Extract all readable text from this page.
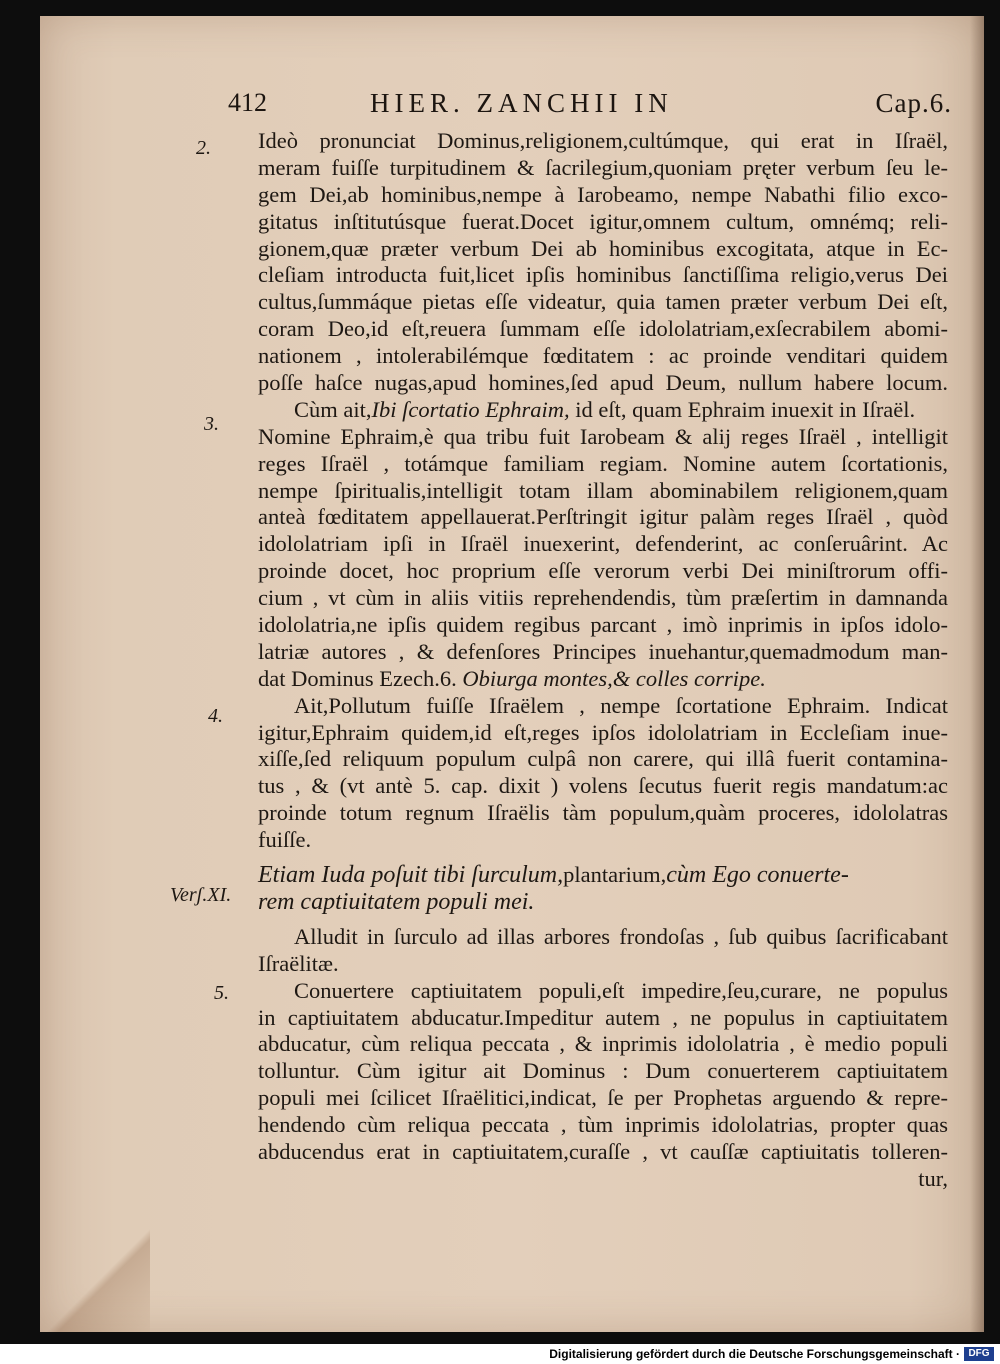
412	HIER. ZANCHII IN	Cap.6.
2.
3.
4.
Verʃ.XI.
5.
Ideò pronunciat Dominus,religionem,cultúmque, qui erat in Iſraël,
meram fuiſſe turpitudinem & ſacrilegium,quoniam pręter verbum ſeu le-
gem Dei,ab hominibus,nempe à Iarobeamo, nempe Nabathi filio exco-
gitatus inſtitutúsque fuerat.Docet igitur,omnem cultum, omnémq; reli-
gionem,quæ præter verbum Dei ab hominibus excogitata, atque in Ec-
cleſiam introducta fuit,licet ipſis hominibus ſanctiſſima religio,verus Dei
cultus,ſummáque pietas eſſe videatur, quia tamen præter verbum Dei eſt,
coram Deo,id eſt,reuera ſummam eſſe idololatriam,exſecrabilem abomi-
nationem , intolerabilémque fœditatem : ac proinde venditari quidem
poſſe haſce nugas,apud homines,ſed apud Deum, nullum habere locum.
Cùm ait,Ibi ſcortatio Ephraim, id eſt, quam Ephraim inuexit in Iſraël.
Nomine Ephraim,è qua tribu fuit Iarobeam & alij reges Iſraël , intelligit
reges Iſraël , totámque familiam regiam. Nomine autem ſcortationis,
nempe ſpiritualis,intelligit totam illam abominabilem religionem,quam
anteà fœditatem appellauerat.Perſtringit igitur palàm reges Iſraël , quòd
idololatriam ipſi in Iſraël inuexerint, defenderint, ac conſeruârint. Ac
proinde docet, hoc proprium eſſe verorum verbi Dei miniſtrorum offi-
cium , vt cùm in aliis vitiis reprehendendis, tùm præſertim in damnanda
idololatria,ne ipſis quidem regibus parcant , imò inprimis in ipſos idolo-
latriæ autores , & defenſores Principes inuehantur,quemadmodum man-
dat Dominus Ezech.6. Obiurga montes,& colles corripe.
Ait,Pollutum fuiſſe Iſraëlem , nempe ſcortatione Ephraim. Indicat
igitur,Ephraim quidem,id eſt,reges ipſos idololatriam in Eccleſiam inue-
xiſſe,ſed reliquum populum culpâ non carere, qui illâ fuerit contamina-
tus , & (vt antè 5. cap. dixit ) volens ſecutus fuerit regis mandatum:ac
proinde totum regnum Iſraëlis tàm populum,quàm proceres, idololatras
fuiſſe.
Etiam Iuda poſuit tibi ſurculum,plantarium,cùm Ego conuerte-
rem captiuitatem populi mei.
Alludit in ſurculo ad illas arbores frondoſas , ſub quibus ſacrificabant
Iſraëlitæ.
Conuertere captiuitatem populi,eſt impedire,ſeu,curare, ne populus
in captiuitatem abducatur.Impeditur autem , ne populus in captiuitatem
abducatur, cùm reliqua peccata , & inprimis idololatria , è medio populi
tolluntur. Cùm igitur ait Dominus : Dum conuerterem captiuitatem
populi mei ſcilicet Iſraëlitici,indicat, ſe per Prophetas arguendo & repre-
hendendo cùm reliqua peccata , tùm inprimis idololatrias, propter quas
abducendus erat in captiuitatem,curaſſe , vt cauſſæ captiuitatis tolleren-
tur,
Digitalisierung gefördert durch die Deutsche Forschungsgemeinschaft · DFG
